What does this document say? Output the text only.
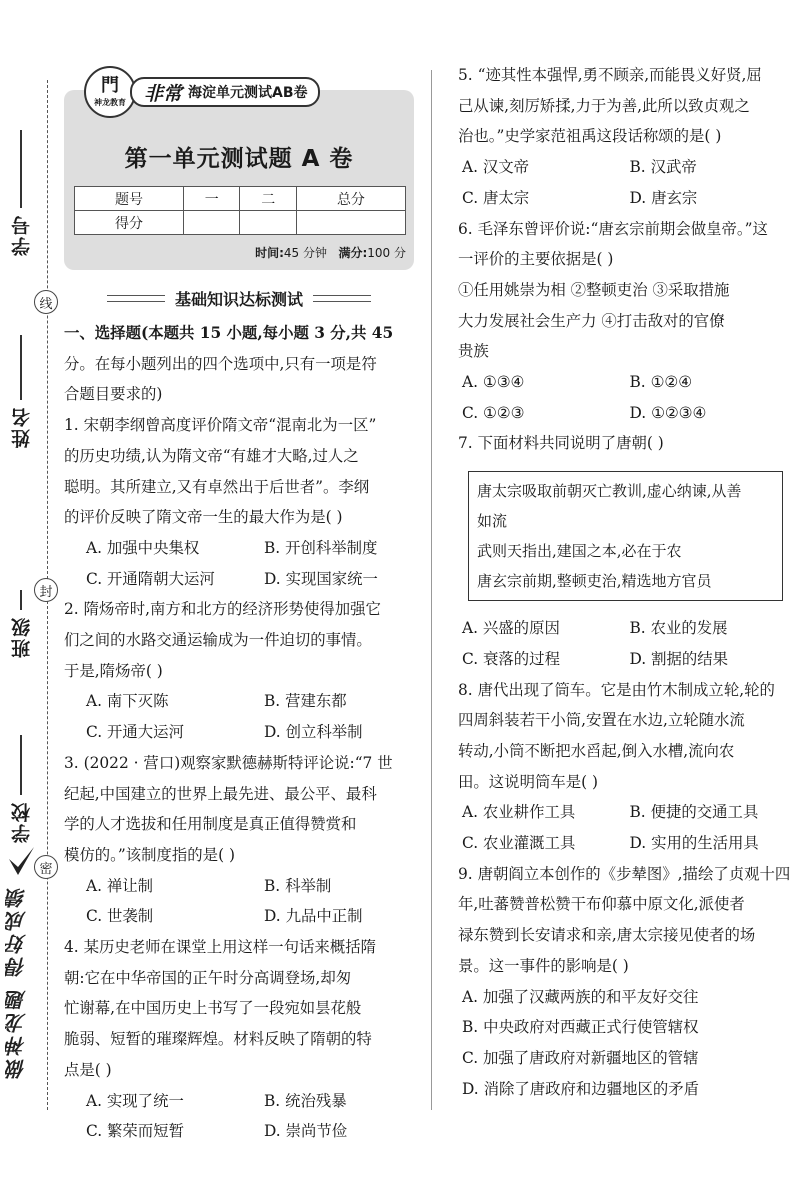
线
封
密
学号
姓名
班级
学校
做神龙题 得好成绩
門
神龙教育 非常 海淀单元测试AB卷
第一单元测试题 A 卷
题号	一	二	总分
得分			
时间:45 分钟 满分:100 分
基础知识达标测试
一、选择题(本题共 15 小题,每小题 3 分,共 45
分。在每小题列出的四个选项中,只有一项是符
合题目要求的)
1. 宋朝李纲曾高度评价隋文帝“混南北为一区”
的历史功绩,认为隋文帝“有雄才大略,过人之
聪明。其所建立,又有卓然出于后世者”。李纲
的评价反映了隋文帝一生的最大作为是( )
A. 加强中央集权	B. 开创科举制度
C. 开通隋朝大运河	D. 实现国家统一
2. 隋炀帝时,南方和北方的经济形势使得加强它
们之间的水路交通运输成为一件迫切的事情。
于是,隋炀帝( )
A. 南下灭陈	B. 营建东都
C. 开通大运河	D. 创立科举制
3. (2022 · 营口)观察家默德赫斯特评论说:“7 世
纪起,中国建立的世界上最先进、最公平、最科
学的人才选拔和任用制度是真正值得赞赏和
模仿的。”该制度指的是( )
A. 禅让制	B. 科举制
C. 世袭制	D. 九品中正制
4. 某历史老师在课堂上用这样一句话来概括隋
朝:它在中华帝国的正午时分高调登场,却匆
忙谢幕,在中国历史上书写了一段宛如昙花般
脆弱、短暂的璀璨辉煌。材料反映了隋朝的特
点是( )
A. 实现了统一	B. 统治残暴
C. 繁荣而短暂	D. 崇尚节俭
5. “迹其性本强悍,勇不顾亲,而能畏义好贤,屈
己从谏,刻厉矫揉,力于为善,此所以致贞观之
治也。”史学家范祖禹这段话称颂的是( )
A. 汉文帝	B. 汉武帝
C. 唐太宗	D. 唐玄宗
6. 毛泽东曾评价说:“唐玄宗前期会做皇帝。”这
一评价的主要依据是( )
①任用姚崇为相 ②整顿吏治 ③采取措施
大力发展社会生产力 ④打击敌对的官僚
贵族
A. ①③④	B. ①②④
C. ①②③	D. ①②③④
7. 下面材料共同说明了唐朝( )
唐太宗吸取前朝灭亡教训,虚心纳谏,从善
如流
武则天指出,建国之本,必在于农
唐玄宗前期,整顿吏治,精选地方官员
A. 兴盛的原因	B. 农业的发展
C. 衰落的过程	D. 割据的结果
8. 唐代出现了筒车。它是由竹木制成立轮,轮的
四周斜装若干小筒,安置在水边,立轮随水流
转动,小筒不断把水舀起,倒入水槽,流向农
田。这说明筒车是( )
A. 农业耕作工具	B. 便捷的交通工具
C. 农业灌溉工具	D. 实用的生活用具
9. 唐朝阎立本创作的《步辇图》,描绘了贞观十四
年,吐蕃赞普松赞干布仰慕中原文化,派使者
禄东赞到长安请求和亲,唐太宗接见使者的场
景。这一事件的影响是( )
A. 加强了汉藏两族的和平友好交往
B. 中央政府对西藏正式行使管辖权
C. 加强了唐政府对新疆地区的管辖
D. 消除了唐政府和边疆地区的矛盾
